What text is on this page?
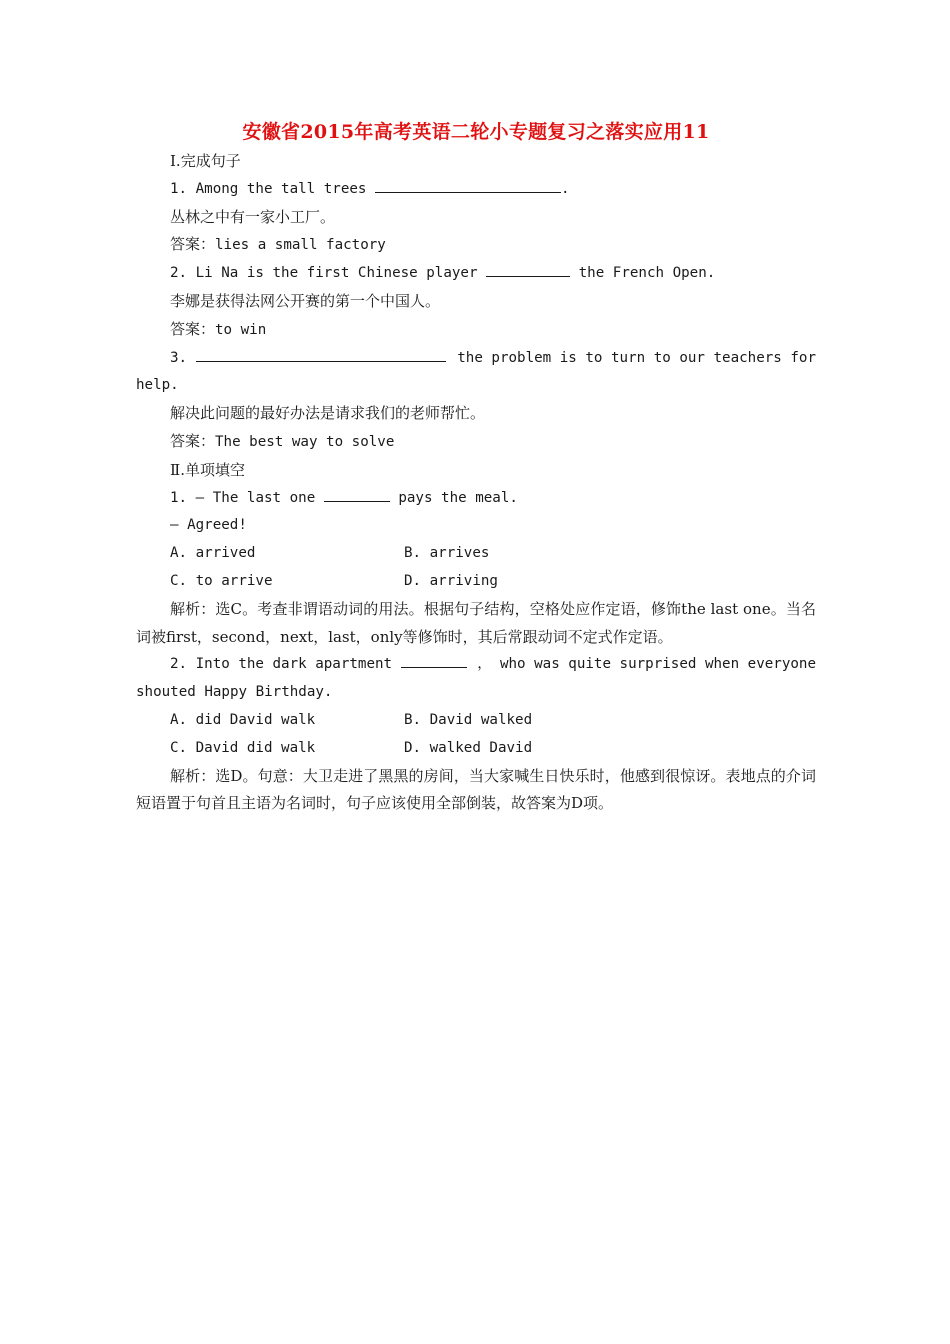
安徽省2015年高考英语二轮小专题复习之落实应用11

Ⅰ.完成句子

1. Among the tall trees	.

丛林之中有一家小工厂。

答案：lies a small factory

2. Li Na is the first Chinese player	the French Open.

李娜是获得法网公开赛的第一个中国人。

答案：to win

3.	the problem is to turn to our teachers for

help.

解决此问题的最好办法是请求我们的老师帮忙。

答案：The best way to solve

Ⅱ.单项填空

1. — The last one	pays the meal.

— Agreed!

A. arrived	B. arrives
C. to arrive	D. arriving

解析：选C。考查非谓语动词的用法。根据句子结构，空格处应作定语，修饰the last one。当名词被first，second，next，last，only等修饰时，其后常跟动词不定式作定语。

2. Into the dark apartment	， who was quite surprised when everyone

shouted Happy Birthday.

A. did David walk	B. David walked
C. David did walk	D. walked David

解析：选D。句意：大卫走进了黑黑的房间，当大家喊生日快乐时，他感到很惊讶。表地点的介词短语置于句首且主语为名词时，句子应该使用全部倒装，故答案为D项。
